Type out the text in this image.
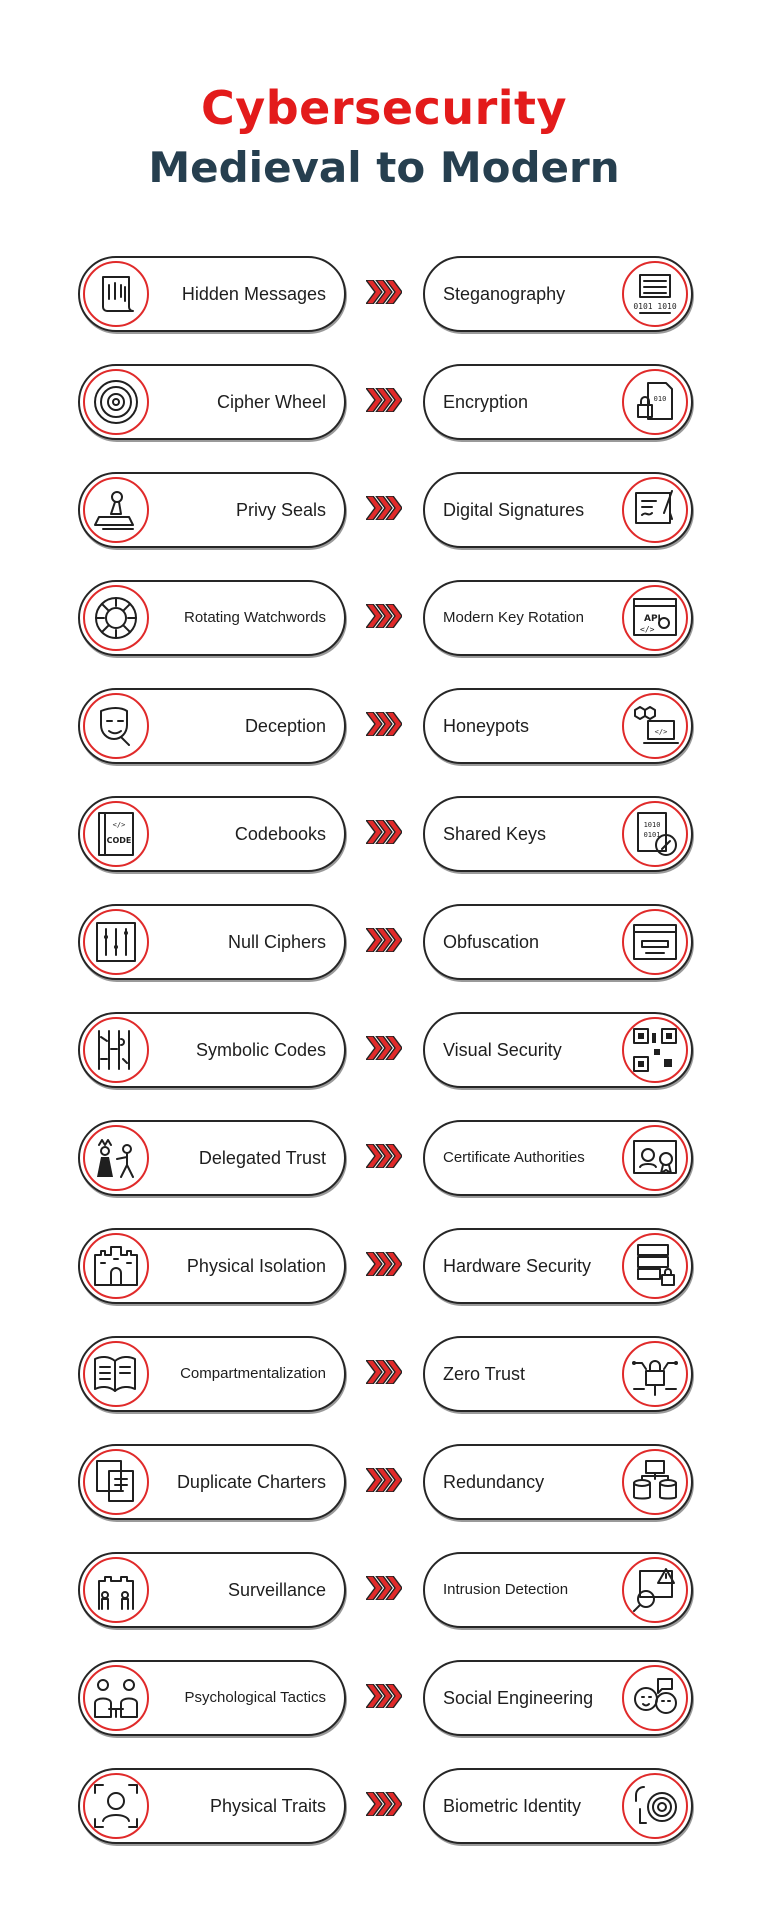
Cybersecurity
Medieval to Modern
Hidden Messages	Steganography
0101 1010
Cipher Wheel	Encryption	010
Privy Seals	Digital Signatures
Rotating Watchwords	Modern Key Rotation	API
</>
Deception	Honeypots	</>
</>
CODE	Codebooks	Shared Keys	1010
0101
Null Ciphers	Obfuscation
Symbolic Codes	Visual Security
Delegated Trust	Certificate Authorities
Physical Isolation	Hardware Security
Compartmentalization	Zero Trust
Duplicate Charters	Redundancy
Surveillance	Intrusion Detection
Psychological Tactics	Social Engineering
Physical Traits	Biometric Identity
